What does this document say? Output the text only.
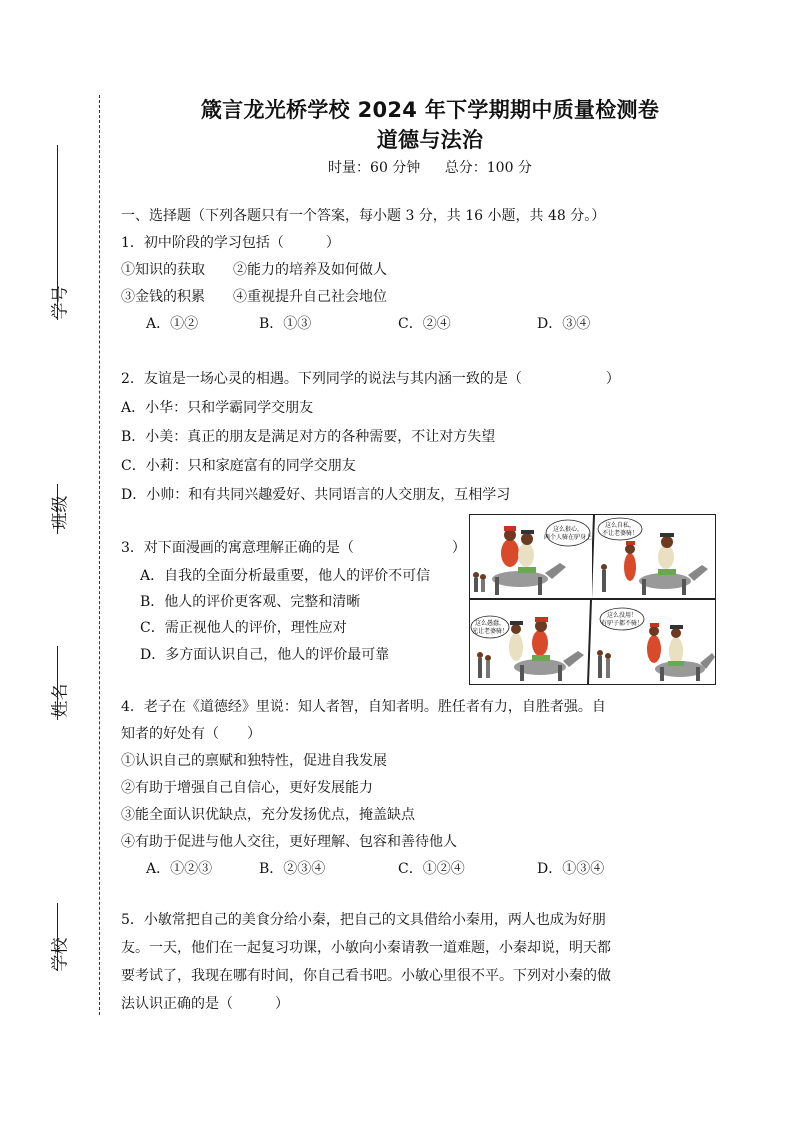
学号
班级
姓名
学校
箴言龙光桥学校 2024 年下学期期中质量检测卷
道德与法治
时量：60 分钟 总分：100 分
一、选择题（下列各题只有一个答案，每小题 3 分，共 16 小题，共 48 分。）
1．初中阶段的学习包括（　　　）
①知识的获取　　②能力的培养及如何做人
③金钱的积累　　④重视提升自己社会地位
A．①②	B．①③	C．②④	D．③④
2．友谊是一场心灵的相遇。下列同学的说法与其内涵一致的是（　　　　　　）
A．小华：只和学霸同学交朋友
B．小美：真正的朋友是满足对方的各种需要，不让对方失望
C．小莉：只和家庭富有的同学交朋友
D．小帅：和有共同兴趣爱好、共同语言的人交朋友，互相学习
3．对下面漫画的寓意理解正确的是（　　　　　　　）
A．自我的全面分析最重要，他人的评价不可信
B．他人的评价更客观、完整和清晰
C．需正视他人的评价，理性应对
D．多方面认识自己，他人的评价最可靠
这么狠心，
两个人骑在驴身上
这么自私，
不让老婆骑！
这么愚蠢，
光让老婆骑！
这么没用！
有驴子都不骑！
4．老子在《道德经》里说：知人者智，自知者明。胜任者有力，自胜者强。自
知者的好处有（　　）
①认识自己的禀赋和独特性，促进自我发展
②有助于增强自己自信心，更好发展能力
③能全面认识优缺点，充分发扬优点，掩盖缺点
④有助于促进与他人交往，更好理解、包容和善待他人
A．①②③	B．②③④	C．①②④	D．①③④
5．小敏常把自己的美食分给小秦，把自己的文具借给小秦用，两人也成为好朋
友。一天，他们在一起复习功课，小敏向小秦请教一道难题，小秦却说，明天都
要考试了，我现在哪有时间，你自己看书吧。小敏心里很不平。下列对小秦的做
法认识正确的是（　　　）
